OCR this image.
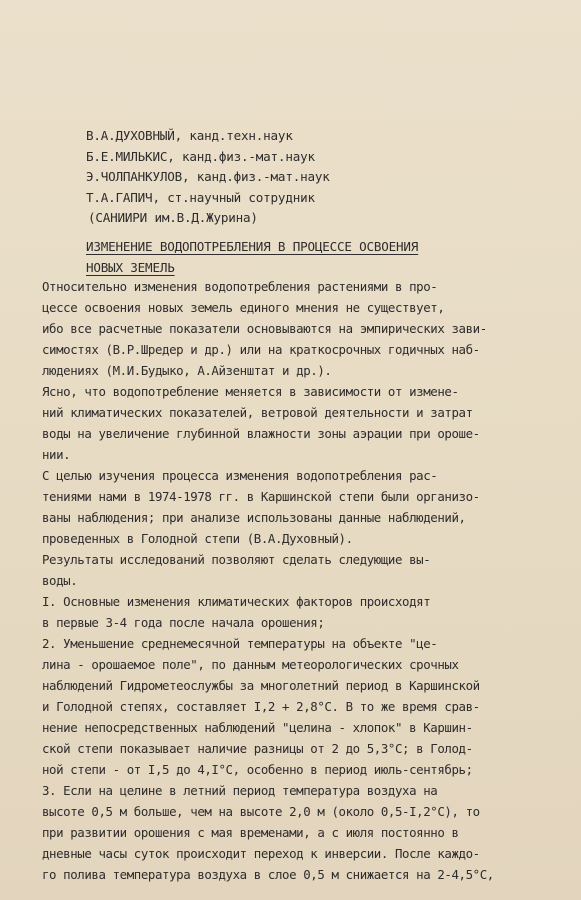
В.А.ДУХОВНЫЙ, канд.техн.наук
Б.Е.МИЛЬКИС, канд.физ.-мат.наук
Э.ЧОЛПАНКУЛОВ, канд.физ.-мат.наук
Т.А.ГАПИЧ, ст.научный сотрудник
(САНИИРИ им.В.Д.Журина)
ИЗМЕНЕНИЕ ВОДОПОТРЕБЛЕНИЯ В ПРОЦЕССЕ ОСВОЕНИЯ
НОВЫХ ЗЕМЕЛЬ

Относительно изменения водопотребления растениями в про-

цессе освоения новых земель единого мнения не существует,

ибо все расчетные показатели основываются на эмпирических зави-

симостях (В.Р.Шредер и др.) или на краткосрочных годичных наб-

людениях (М.И.Будыко, А.Айзенштат и др.).

Ясно, что водопотребление меняется в зависимости от измене-

ний климатических показателей, ветровой деятельности и затрат

воды на увеличение глубинной влажности зоны аэрации при ороше-

нии.

С целью изучения процесса изменения водопотребления рас-

тениями нами в 1974-1978 гг. в Каршинской степи были организо-

ваны наблюдения; при анализе использованы данные наблюдений,

проведенных в Голодной степи (В.А.Духовный).

Результаты исследований позволяют сделать следующие вы-

воды.

I. Основные изменения климатических факторов происходят

в первые 3-4 года после начала орошения;

2. Уменьшение среднемесячной температуры на объекте "це-

лина - орошаемое поле", по данным метеорологических срочных

наблюдений Гидрометеослужбы за многолетний период в Каршинской

и Голодной степях, составляет I,2 + 2,8°С. В то же время срав-

нение непосредственных наблюдений "целина - хлопок" в Каршин-

ской степи показывает наличие разницы от 2 до 5,3°С; в Голод-

ной степи - от I,5 до 4,I°С, особенно в период июль-сентябрь;

3. Если на целине в летний период температура воздуха на

высоте 0,5 м больше, чем на высоте 2,0 м (около 0,5-I,2°С), то

при развитии орошения с мая временами, а с июля постоянно в

дневные часы суток происходит переход к инверсии. После каждо-

го полива температура воздуха в слое 0,5 м снижается на 2-4,5°С,
